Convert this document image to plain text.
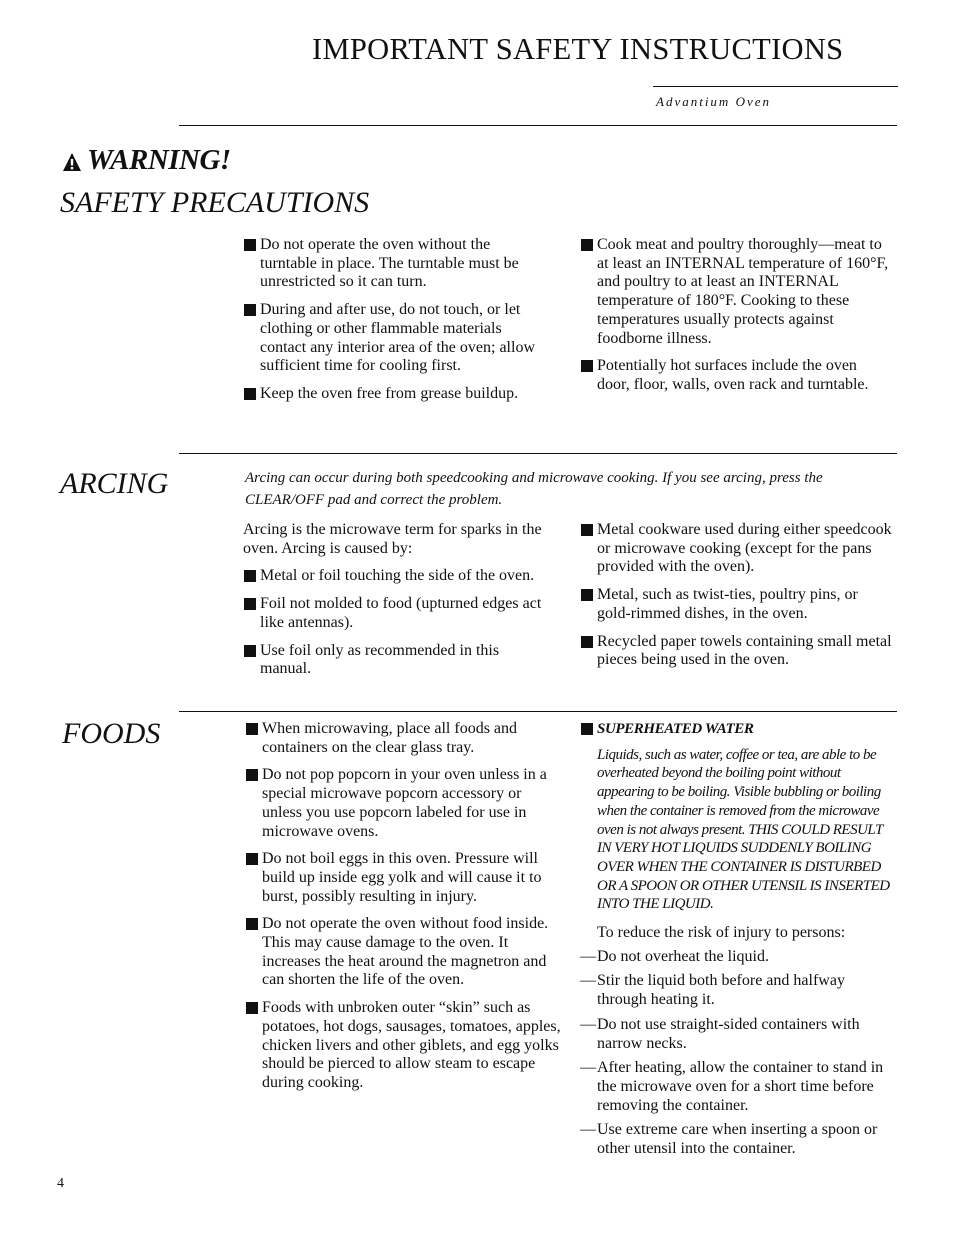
IMPORTANT SAFETY INSTRUCTIONS
Advantium Oven
WARNING!
SAFETY PRECAUTIONS
Do not operate the oven without the turntable in place. The turntable must be unrestricted so it can turn.
During and after use, do not touch, or let clothing or other flammable materials contact any interior area of the oven; allow sufficient time for cooling first.
Keep the oven free from grease buildup.
Cook meat and poultry thoroughly—meat to at least an INTERNAL temperature of 160°F, and poultry to at least an INTERNAL temperature of 180°F. Cooking to these temperatures usually protects against foodborne illness.
Potentially hot surfaces include the oven door, floor, walls, oven rack and turntable.
ARCING	Arcing can occur during both speedcooking and microwave cooking. If you see arcing, press the CLEAR/OFF pad and correct the problem.
Arcing is the microwave term for sparks in the oven. Arcing is caused by:
Metal or foil touching the side of the oven.
Foil not molded to food (upturned edges act like antennas).
Use foil only as recommended in this manual.
Metal cookware used during either speedcook or microwave cooking (except for the pans provided with the oven).
Metal, such as twist-ties, poultry pins, or gold-rimmed dishes, in the oven.
Recycled paper towels containing small metal pieces being used in the oven.
FOODS	When microwaving, place all foods and containers on the clear glass tray.
Do not pop popcorn in your oven unless in a special microwave popcorn accessory or unless you use popcorn labeled for use in microwave ovens.
Do not boil eggs in this oven. Pressure will build up inside egg yolk and will cause it to burst, possibly resulting in injury.
Do not operate the oven without food inside. This may cause damage to the oven. It increases the heat around the magnetron and can shorten the life of the oven.
Foods with unbroken outer “skin” such as potatoes, hot dogs, sausages, tomatoes, apples, chicken livers and other giblets, and egg yolks should be pierced to allow steam to escape during cooking.
SUPERHEATED WATER
Liquids, such as water, coffee or tea, are able to be overheated beyond the boiling point without appearing to be boiling. Visible bubbling or boiling when the container is removed from the microwave oven is not always present. THIS COULD RESULT IN VERY HOT LIQUIDS SUDDENLY BOILING OVER WHEN THE CONTAINER IS DISTURBED OR A SPOON OR OTHER UTENSIL IS INSERTED INTO THE LIQUID.
To reduce the risk of injury to persons:
— Do not overheat the liquid.
— Stir the liquid both before and halfway through heating it.
— Do not use straight-sided containers with narrow necks.
— After heating, allow the container to stand in the microwave oven for a short time before removing the container.
— Use extreme care when inserting a spoon or other utensil into the container.
4
